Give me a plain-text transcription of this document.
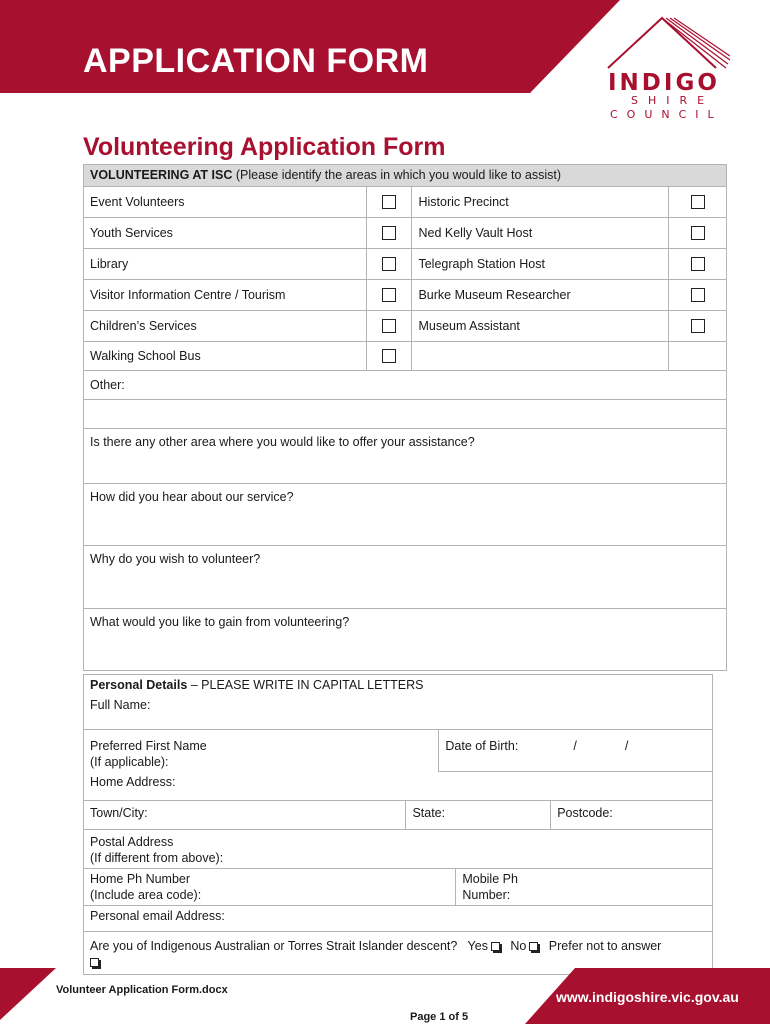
APPLICATION FORM
INDIGO
SHIRE
COUNCIL
Volunteering Application Form
VOLUNTEERING AT ISC (Please identify the areas in which you would like to assist)			
Event Volunteers		Historic Precinct	
Youth Services		Ned Kelly Vault Host	
Library		Telegraph Station Host	
Visitor Information Centre / Tourism		Burke Museum Researcher	
Children’s Services		Museum Assistant	
Walking School Bus			
Other:			

Is there any other area where you would like to offer your assistance?			
How did you hear about our service?			
Why do you wish to volunteer?			
What would you like to gain from volunteering?			
Personal Details – PLEASE WRITE IN CAPITAL LETTERS				
Full Name:				
Preferred First Name
(If applicable):		Date of Birth: / /		
Home Address:				
Town/City:	State:			Postcode:
Postal Address
(If different from above):				
Home Ph Number
(Include area code):			Mobile Ph
Number:	
Personal email Address:				
Are you of Indigenous Australian or Torres Strait Islander descent? Yes No Prefer not to answer				

Volunteer Application Form.docx
Page 1 of 5
www.indigoshire.vic.gov.au
